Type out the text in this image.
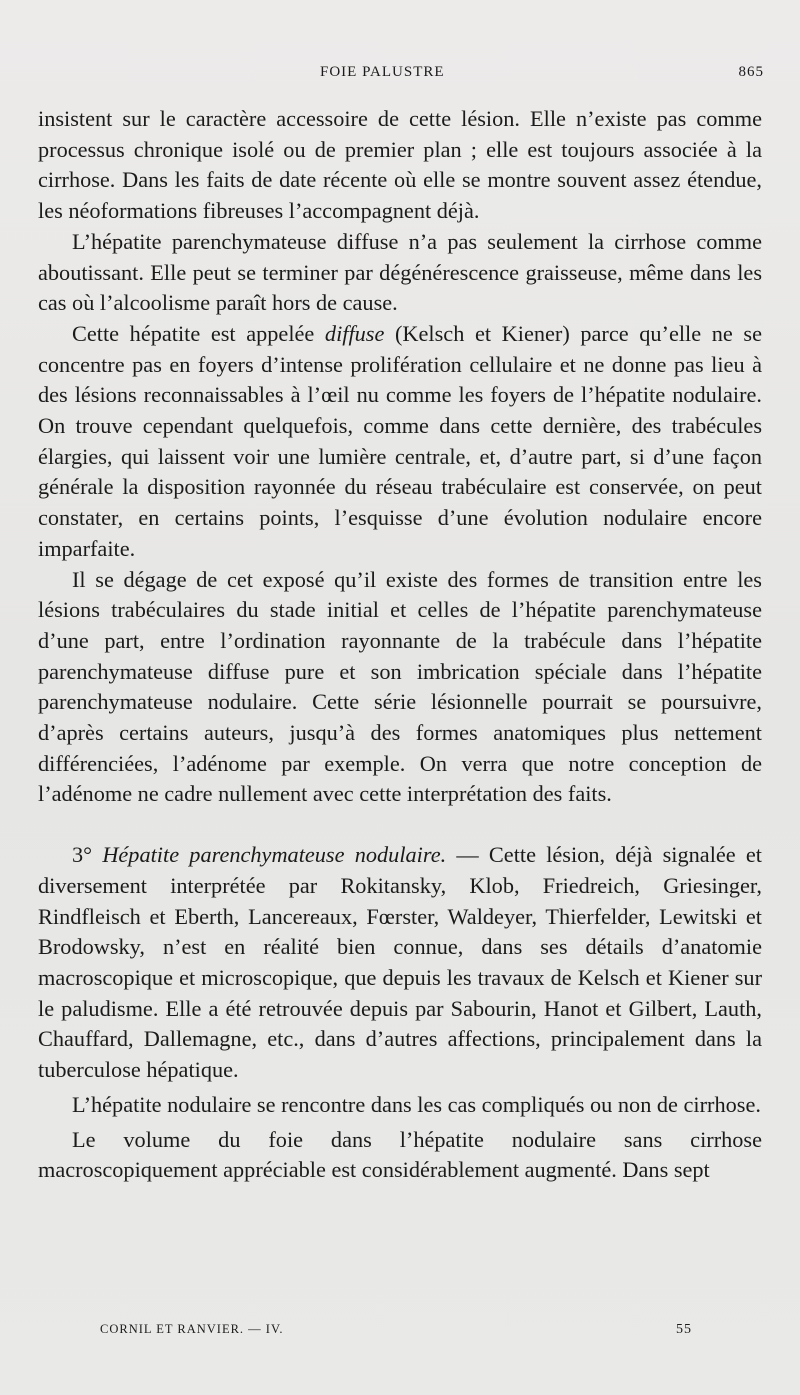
FOIE PALUSTRE	865

insistent sur le caractère accessoire de cette lésion. Elle n’existe pas comme processus chronique isolé ou de premier plan ; elle est toujours associée à la cirrhose. Dans les faits de date récente où elle se montre souvent assez étendue, les néoformations fibreuses l’accompagnent déjà.

L’hépatite parenchymateuse diffuse n’a pas seulement la cirrhose comme aboutissant. Elle peut se terminer par dégénérescence graisseuse, même dans les cas où l’alcoolisme paraît hors de cause.

Cette hépatite est appelée diffuse (Kelsch et Kiener) parce qu’elle ne se concentre pas en foyers d’intense prolifération cellulaire et ne donne pas lieu à des lésions reconnaissables à l’œil nu comme les foyers de l’hépatite nodulaire. On trouve cependant quelquefois, comme dans cette dernière, des trabécules élargies, qui laissent voir une lumière centrale, et, d’autre part, si d’une façon générale la disposition rayonnée du réseau trabéculaire est conservée, on peut constater, en certains points, l’esquisse d’une évolution nodulaire encore imparfaite.

Il se dégage de cet exposé qu’il existe des formes de transition entre les lésions trabéculaires du stade initial et celles de l’hépatite parenchymateuse d’une part, entre l’ordination rayonnante de la trabécule dans l’hépatite parenchymateuse diffuse pure et son imbrication spéciale dans l’hépatite parenchymateuse nodulaire. Cette série lésionnelle pourrait se poursuivre, d’après certains auteurs, jusqu’à des formes anatomiques plus nettement différenciées, l’adénome par exemple. On verra que notre conception de l’adénome ne cadre nullement avec cette interprétation des faits.

3° Hépatite parenchymateuse nodulaire. — Cette lésion, déjà signalée et diversement interprétée par Rokitansky, Klob, Friedreich, Griesinger, Rindfleisch et Eberth, Lancereaux, Fœrster, Waldeyer, Thierfelder, Lewitski et Brodowsky, n’est en réalité bien connue, dans ses détails d’anatomie macroscopique et microscopique, que depuis les travaux de Kelsch et Kiener sur le paludisme. Elle a été retrouvée depuis par Sabourin, Hanot et Gilbert, Lauth, Chauffard, Dallemagne, etc., dans d’autres affections, principalement dans la tuberculose hépatique.

L’hépatite nodulaire se rencontre dans les cas compliqués ou non de cirrhose.

Le volume du foie dans l’hépatite nodulaire sans cirrhose macroscopiquement appréciable est considérablement augmenté. Dans sept

CORNIL ET RANVIER. — IV.	55
